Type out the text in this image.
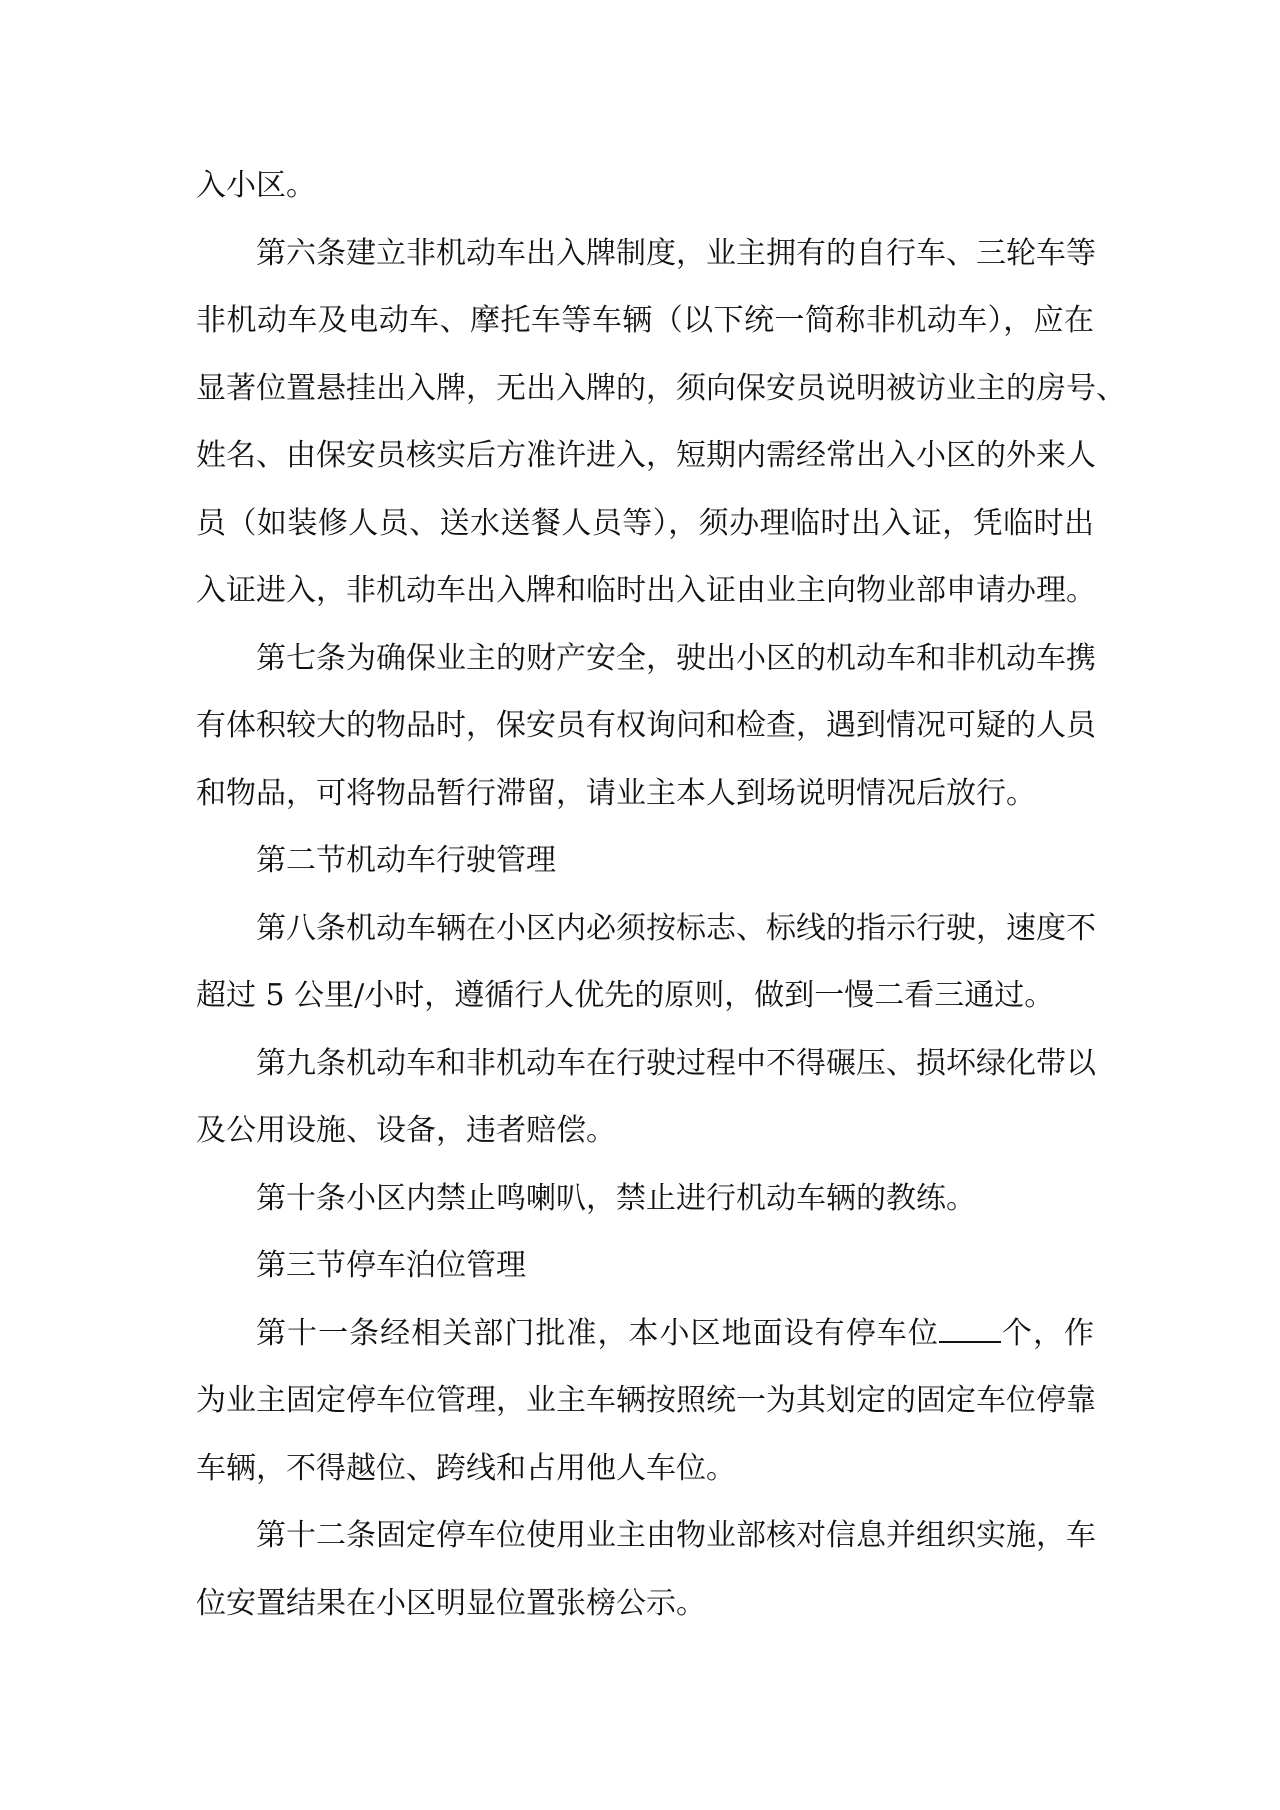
入小区。
第六条建立非机动车出入牌制度，业主拥有的自行车、三轮车等
非机动车及电动车、摩托车等车辆（以下统一简称非机动车），应在
显著位置悬挂出入牌，无出入牌的，须向保安员说明被访业主的房号、
姓名、由保安员核实后方准许进入，短期内需经常出入小区的外来人
员（如装修人员、送水送餐人员等），须办理临时出入证，凭临时出
入证进入，非机动车出入牌和临时出入证由业主向物业部申请办理。
第七条为确保业主的财产安全，驶出小区的机动车和非机动车携
有体积较大的物品时，保安员有权询问和检查，遇到情况可疑的人员
和物品，可将物品暂行滞留，请业主本人到场说明情况后放行。
第二节机动车行驶管理
第八条机动车辆在小区内必须按标志、标线的指示行驶，速度不
超过 5 公里/小时，遵循行人优先的原则，做到一慢二看三通过。
第九条机动车和非机动车在行驶过程中不得碾压、损坏绿化带以
及公用设施、设备，违者赔偿。
第十条小区内禁止鸣喇叭，禁止进行机动车辆的教练。
第三节停车泊位管理
第十一条经相关部门批准，本小区地面设有停车位 个，作
为业主固定停车位管理，业主车辆按照统一为其划定的固定车位停靠
车辆，不得越位、跨线和占用他人车位。
第十二条固定停车位使用业主由物业部核对信息并组织实施，车
位安置结果在小区明显位置张榜公示。
